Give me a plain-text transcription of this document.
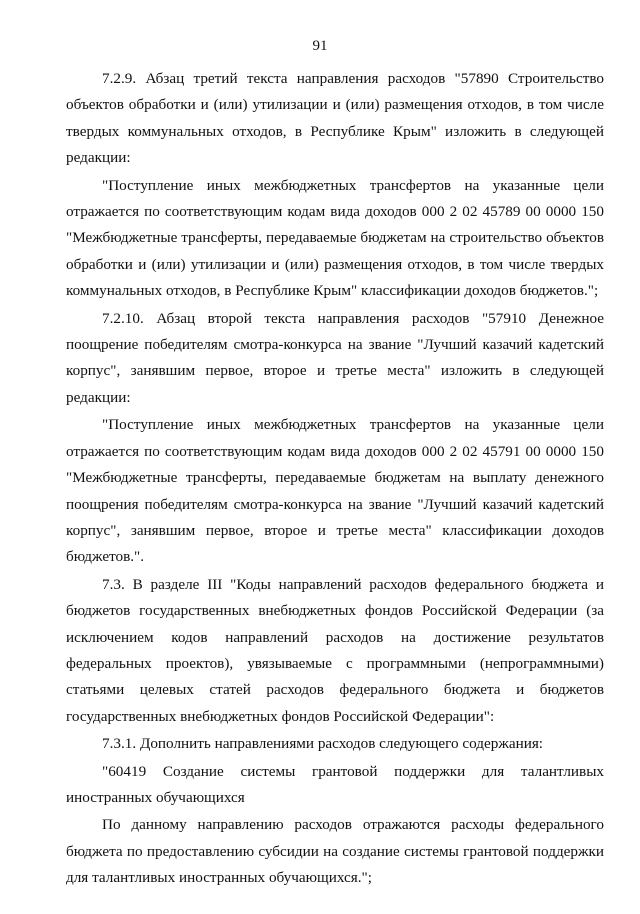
91

7.2.9. Абзац третий текста направления расходов "57890 Строительство объектов обработки и (или) утилизации и (или) размещения отходов, в том числе твердых коммунальных отходов, в Республике Крым" изложить в следующей редакции:

"Поступление иных межбюджетных трансфертов на указанные цели отражается по соответствующим кодам вида доходов 000 2 02 45789 00 0000 150 "Межбюджетные трансферты, передаваемые бюджетам на строительство объектов обработки и (или) утилизации и (или) размещения отходов, в том числе твердых коммунальных отходов, в Республике Крым" классификации доходов бюджетов.";

7.2.10. Абзац второй текста направления расходов "57910 Денежное поощрение победителям смотра-конкурса на звание "Лучший казачий кадетский корпус", занявшим первое, второе и третье места" изложить в следующей редакции:

"Поступление иных межбюджетных трансфертов на указанные цели отражается по соответствующим кодам вида доходов 000 2 02 45791 00 0000 150 "Межбюджетные трансферты, передаваемые бюджетам на выплату денежного поощрения победителям смотра-конкурса на звание "Лучший казачий кадетский корпус", занявшим первое, второе и третье места" классификации доходов бюджетов.".

7.3. В разделе III "Коды направлений расходов федерального бюджета и бюджетов государственных внебюджетных фондов Российской Федерации (за исключением кодов направлений расходов на достижение результатов федеральных проектов), увязываемые с программными (непрограммными) статьями целевых статей расходов федерального бюджета и бюджетов государственных внебюджетных фондов Российской Федерации":

7.3.1. Дополнить направлениями расходов следующего содержания:

"60419 Создание системы грантовой поддержки для талантливых иностранных обучающихся

По данному направлению расходов отражаются расходы федерального бюджета по предоставлению субсидии на создание системы грантовой поддержки для талантливых иностранных обучающихся.";
